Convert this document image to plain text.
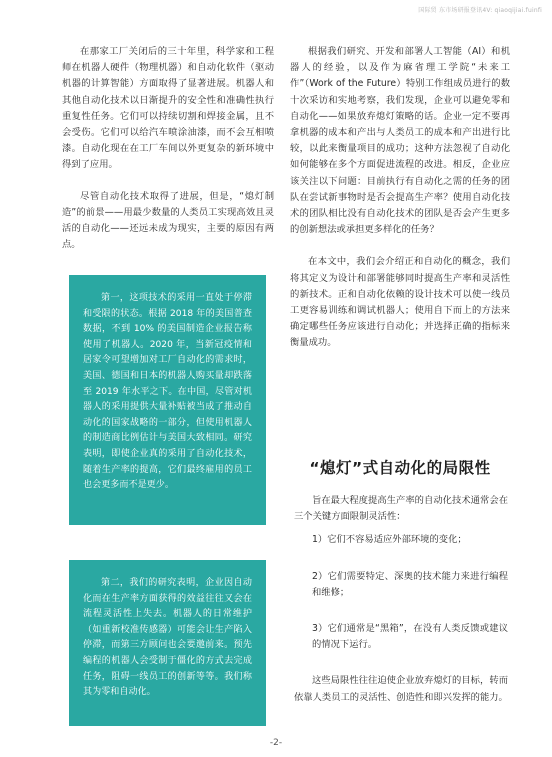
国际贸 东市场研报登讯4V: qiaoqijiai.fuinfi

在那家工厂关闭后的三十年里，科学家和工程师在机器人硬件（物理机器）和自动化软件（驱动机器的计算智能）方面取得了显著进展。机器人和其他自动化技术以日渐提升的安全性和准确性执行重复性任务。它们可以持续切割和焊接金属，且不会受伤。它们可以给汽车喷涂油漆，而不会互相喷漆。自动化现在在工厂车间以外更复杂的新环境中得到了应用。

尽管自动化技术取得了进展，但是，“熄灯制造”的前景——用最少数量的人类员工实现高效且灵活的自动化——还远未成为现实，主要的原因有两点。

第一，这项技术的采用一直处于停滞和受限的状态。根据 2018 年的美国普查数据，不到 10% 的美国制造企业报告称使用了机器人。2020 年，当新冠疫情和居家令可望增加对工厂自动化的需求时，美国、德国和日本的机器人购买量却跌落至 2019 年水平之下。在中国，尽管对机器人的采用提供大量补贴被当成了推动自动化的国家战略的一部分，但使用机器人的制造商比例估计与美国大致相同。研究表明，即使企业真的采用了自动化技术，随着生产率的提高，它们最终雇用的员工也会更多而不是更少。

第二，我们的研究表明，企业因自动化而在生产率方面获得的效益往往又会在流程灵活性上失去。机器人的日常维护（如重新校准传感器）可能会让生产陷入停滞，而第三方顾问也会要邀前来。预先编程的机器人会受制于僵化的方式去完成任务，阻碍一线员工的创新等等。我们称其为零和自动化。

根据我们研究、开发和部署人工智能（AI）和机器人的经验，以及作为麻省理工学院“未来工作”（Work of the Future）特别工作组成员进行的数十次采访和实地考察，我们发现，企业可以避免零和自动化——如果放弃熄灯策略的话。企业一定不要再拿机器的成本和产出与人类员工的成本和产出进行比较，以此来衡量项目的成功；这种方法忽视了自动化如何能够在多个方面促进流程的改进。相反，企业应该关注以下问题：目前执行有自动化之需的任务的团队在尝试新事物时是否会提高生产率？使用自动化技术的团队相比没有自动化技术的团队是否会产生更多的创新想法或承担更多样化的任务？

在本文中，我们会介绍正和自动化的概念，我们将其定义为设计和部署能够同时提高生产率和灵活性的新技术。正和自动化依赖的设计技术可以使一线员工更容易训练和调试机器人；使用自下而上的方法来确定哪些任务应该进行自动化；并选择正确的指标来衡量成功。

“熄灯”式自动化的局限性

旨在最大程度提高生产率的自动化技术通常会在三个关键方面限制灵活性：

1）它们不容易适应外部环境的变化；

2）它们需要特定、深奥的技术能力来进行编程和维修；

3）它们通常是“黑箱”，在没有人类反馈或建议的情况下运行。

这些局限性往往迫使企业放弃熄灯的目标，转而依靠人类员工的灵活性、创造性和即兴发挥的能力。

-2-
